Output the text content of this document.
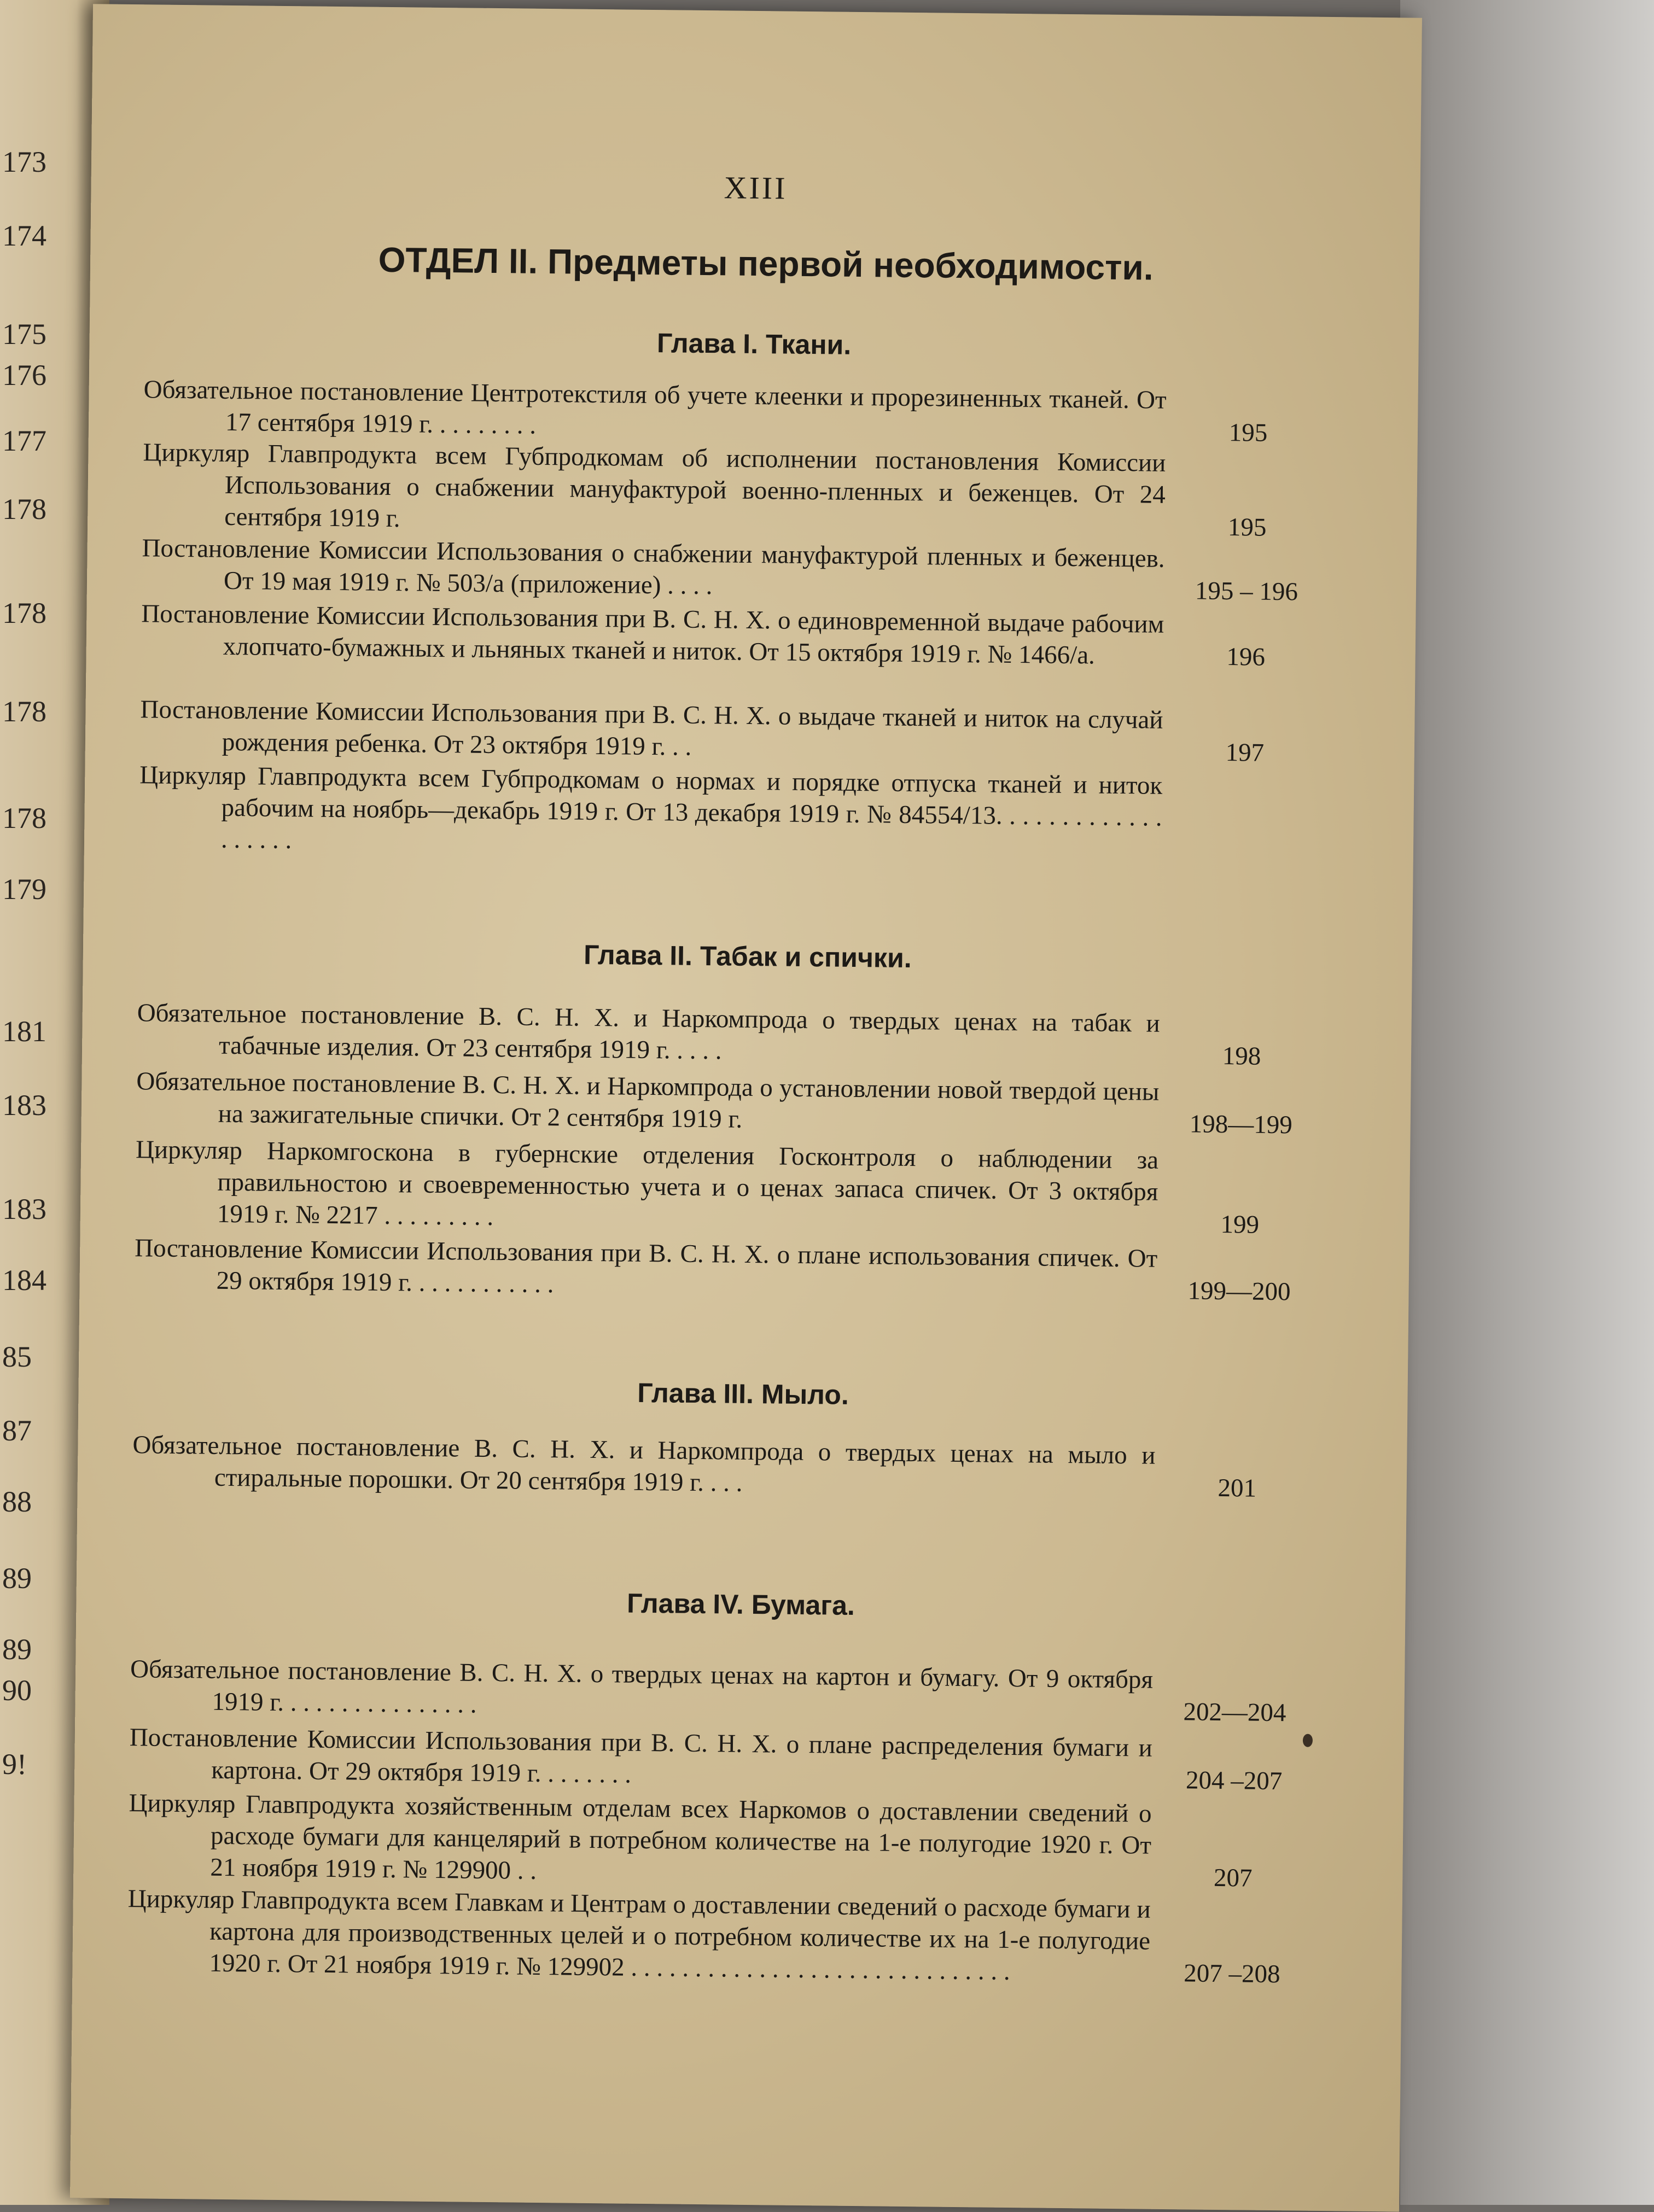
173
174
175
176
177
178
178
178
178
179
181
183
183
184
85
87
88
89
89
90
9!
XIII
ОТДЕЛ II. Предметы первой необходимости.
Глава I. Ткани.
Обязательное постановление Центротекстиля об учете клеенки и прорезиненных тканей. От 17 сентября 1919 г. . . . . . . . .	195
Циркуляр Главпродукта всем Губпродкомам об исполнении постановления Комиссии Использования о снабжении мануфактурой военно-пленных и беженцев. От 24 сентября 1919 г.	195
Постановление Комиссии Использования о снабжении мануфактурой пленных и беженцев. От 19 мая 1919 г. № 503/а (приложение) . . . .	195 – 196
Постановление Комиссии Использования при В. С. Н. Х. о единовременной выдаче рабочим хлопчато-бумажных и льняных тканей и ниток. От 15 октября 1919 г. № 1466/а.	196
Постановление Комиссии Использования при В. С. Н. Х. о выдаче тканей и ниток на случай рождения ребенка. От 23 октября 1919 г. . .	197
Циркуляр Главпродукта всем Губпродкомам о нормах и порядке отпуска тканей и ниток рабочим на ноябрь—декабрь 1919 г. От 13 декабря 1919 г. № 84554/13. . . . . . . . . . . . . . . . . . .
Глава II. Табак и спички.
Обязательное постановление В. С. Н. Х. и Наркомпрода о твердых ценах на табак и табачные изделия. От 23 сентября 1919 г. . . . .	198
Обязательное постановление В. С. Н. Х. и Наркомпрода о установлении новой твердой цены на зажигательные спички. От 2 сентября 1919 г.	198—199
Циркуляр Наркомгоскона в губернские отделения Госконтроля о наблюдении за правильностою и своевременностью учета и о ценах запаса спичек. От 3 октября 1919 г. № 2217 . . . . . . . . .	199
Постановление Комиссии Использования при В. С. Н. Х. о плане использования спичек. От 29 октября 1919 г. . . . . . . . . . . .	199—200
Глава III. Мыло.
Обязательное постановление В. С. Н. Х. и Наркомпрода о твердых ценах на мыло и стиральные порошки. От 20 сентября 1919 г. . . .	201
Глава IV. Бумага.
Обязательное постановление В. С. Н. Х. о твердых ценах на картон и бумагу. От 9 октября 1919 г. . . . . . . . . . . . . . . .	202—204
Постановление Комиссии Использования при В. С. Н. Х. о плане распределения бумаги и картона. От 29 октября 1919 г. . . . . . . .	204 –207
Циркуляр Главпродукта хозяйственным отделам всех Наркомов о доставлении сведений о расходе бумаги для канцелярий в потребном количестве на 1-е полугодие 1920 г. От 21 ноября 1919 г. № 129900 . .	207
Циркуляр Главпродукта всем Главкам и Центрам о доставлении сведений о расходе бумаги и картона для производственных целей и о потребном количестве их на 1-е полугодие 1920 г. От 21 ноября 1919 г. № 129902 . . . . . . . . . . . . . . . . . . . . . . . . . . . . . .	207 –208
